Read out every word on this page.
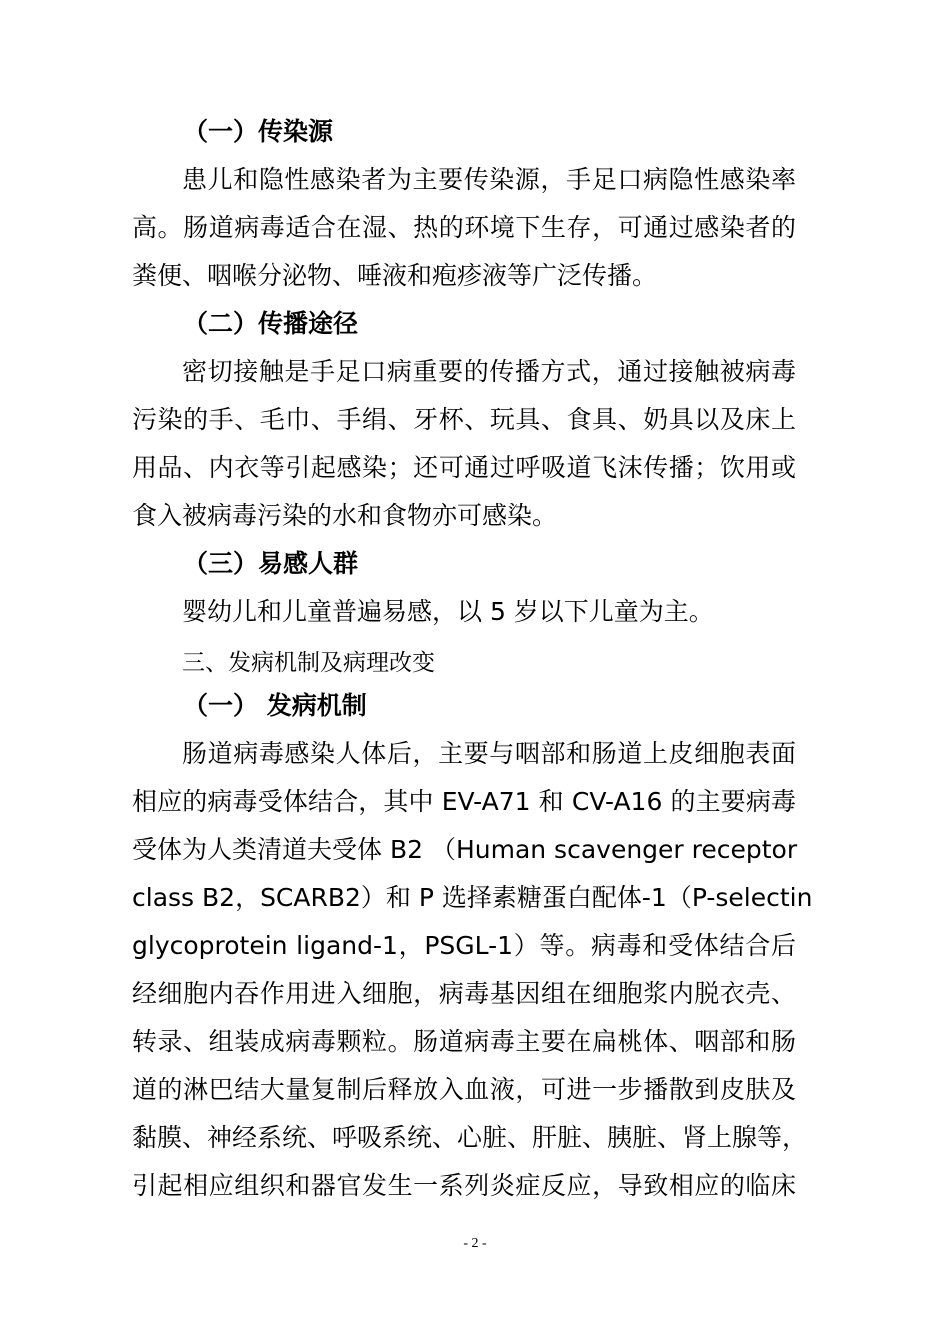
（一）传染源
患儿和隐性感染者为主要传染源，手足口病隐性感染率
高。肠道病毒适合在湿、热的环境下生存，可通过感染者的
粪便、咽喉分泌物、唾液和疱疹液等广泛传播。
（二）传播途径
密切接触是手足口病重要的传播方式，通过接触被病毒
污染的手、毛巾、手绢、牙杯、玩具、食具、奶具以及床上
用品、内衣等引起感染；还可通过呼吸道飞沫传播；饮用或
食入被病毒污染的水和食物亦可感染。
（三）易感人群
婴幼儿和儿童普遍易感，以 5 岁以下儿童为主。
三、发病机制及病理改变
（一） 发病机制
肠道病毒感染人体后，主要与咽部和肠道上皮细胞表面
相应的病毒受体结合，其中 EV-A71 和 CV-A16 的主要病毒
受体为人类清道夫受体 B2 （Human scavenger receptor
class B2，SCARB2）和 P 选择素糖蛋白配体-1（P-selectin
glycoprotein ligand-1，PSGL-1）等。病毒和受体结合后
经细胞内吞作用进入细胞，病毒基因组在细胞浆内脱衣壳、
转录、组装成病毒颗粒。肠道病毒主要在扁桃体、咽部和肠
道的淋巴结大量复制后释放入血液，可进一步播散到皮肤及
黏膜、神经系统、呼吸系统、心脏、肝脏、胰脏、肾上腺等，
引起相应组织和器官发生一系列炎症反应，导致相应的临床
- 2 -
